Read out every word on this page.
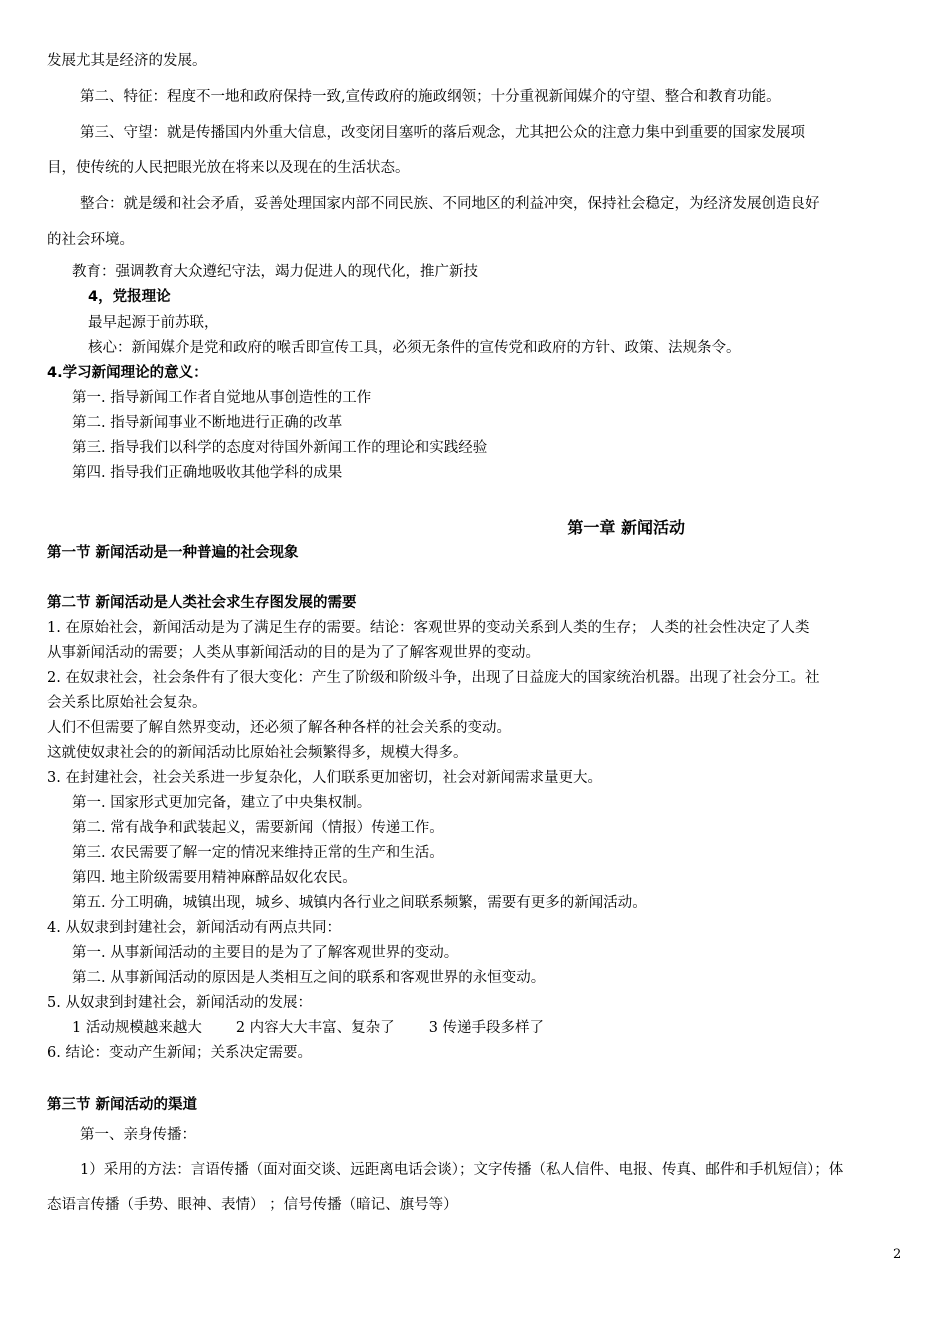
发展尤其是经济的发展。
第二、特征：程度不一地和政府保持一致,宣传政府的施政纲领；十分重视新闻媒介的守望、整合和教育功能。
第三、守望：就是传播国内外重大信息，改变闭目塞听的落后观念，尤其把公众的注意力集中到重要的国家发展项
目，使传统的人民把眼光放在将来以及现在的生活状态。
整合：就是缓和社会矛盾，妥善处理国家内部不同民族、不同地区的利益冲突，保持社会稳定，为经济发展创造良好
的社会环境。
教育：强调教育大众遵纪守法，竭力促进人的现代化，推广新技
4，党报理论
最早起源于前苏联，
核心：新闻媒介是党和政府的喉舌即宣传工具，必须无条件的宣传党和政府的方针、政策、法规条令。
4.学习新闻理论的意义：
第一. 指导新闻工作者自觉地从事创造性的工作
第二. 指导新闻事业不断地进行正确的改革
第三. 指导我们以科学的态度对待国外新闻工作的理论和实践经验
第四. 指导我们正确地吸收其他学科的成果
第一章 新闻活动
第一节 新闻活动是一种普遍的社会现象
第二节 新闻活动是人类社会求生存图发展的需要
1. 在原始社会，新闻活动是为了满足生存的需要。结论：客观世界的变动关系到人类的生存； 人类的社会性决定了人类
从事新闻活动的需要；人类从事新闻活动的目的是为了了解客观世界的变动。
2. 在奴隶社会，社会条件有了很大变化：产生了阶级和阶级斗争，出现了日益庞大的国家统治机器。出现了社会分工。社
会关系比原始社会复杂。
人们不但需要了解自然界变动，还必须了解各种各样的社会关系的变动。
这就使奴隶社会的的新闻活动比原始社会频繁得多，规模大得多。
3. 在封建社会，社会关系进一步复杂化，人们联系更加密切，社会对新闻需求量更大。
第一. 国家形式更加完备，建立了中央集权制。
第二. 常有战争和武装起义，需要新闻（情报）传递工作。
第三. 农民需要了解一定的情况来维持正常的生产和生活。
第四. 地主阶级需要用精神麻醉品奴化农民。
第五. 分工明确，城镇出现，城乡、城镇内各行业之间联系频繁，需要有更多的新闻活动。
4. 从奴隶到封建社会，新闻活动有两点共同：
第一. 从事新闻活动的主要目的是为了了解客观世界的变动。
第二. 从事新闻活动的原因是人类相互之间的联系和客观世界的永恒变动。
5. 从奴隶到封建社会，新闻活动的发展：
1 活动规模越来越大 2 内容大大丰富、复杂了 3 传递手段多样了
6. 结论：变动产生新闻；关系决定需要。
第三节 新闻活动的渠道
第一、亲身传播：
1）采用的方法：言语传播（面对面交谈、远距离电话会谈）；文字传播（私人信件、电报、传真、邮件和手机短信）；体
态语言传播（手势、眼神、表情） ；信号传播（暗记、旗号等）
2
